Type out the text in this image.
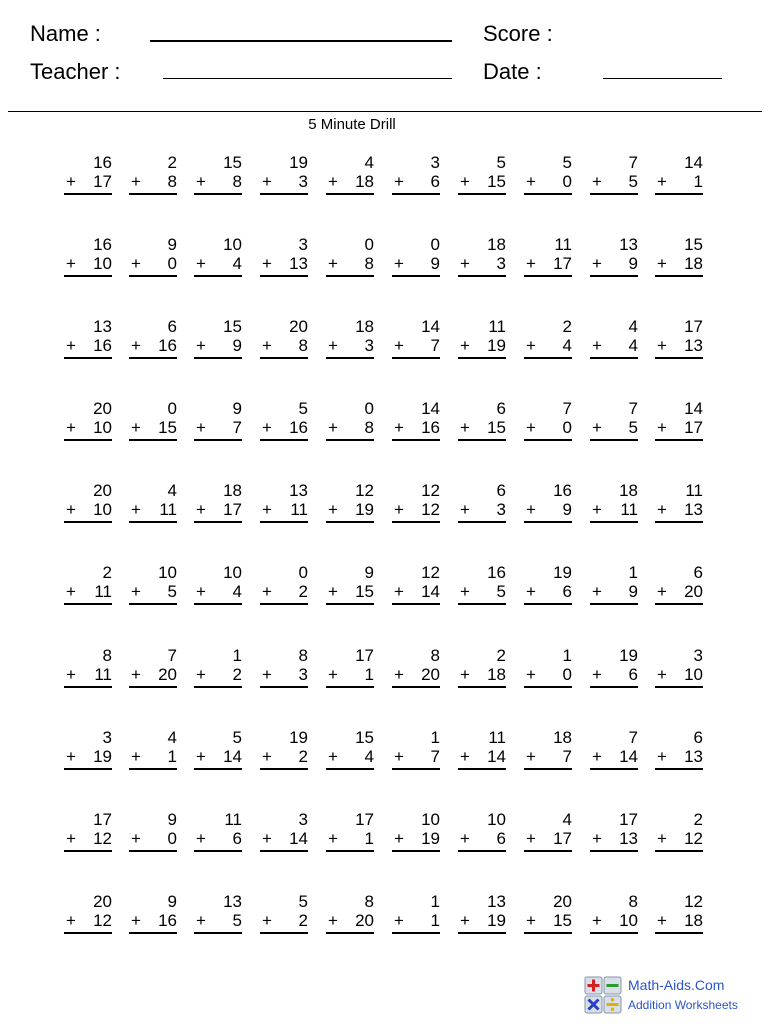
Name :
Teacher :
Score :
Date :
5 Minute Drill
16
+ 17
2
+ 8
15
+ 8
19
+ 3
4
+ 18
3
+ 6
5
+ 15
5
+ 0
7
+ 5
14
+ 1
16
+ 10
9
+ 0
10
+ 4
3
+ 13
0
+ 8
0
+ 9
18
+ 3
11
+ 17
13
+ 9
15
+ 18
13
+ 16
6
+ 16
15
+ 9
20
+ 8
18
+ 3
14
+ 7
11
+ 19
2
+ 4
4
+ 4
17
+ 13
20
+ 10
0
+ 15
9
+ 7
5
+ 16
0
+ 8
14
+ 16
6
+ 15
7
+ 0
7
+ 5
14
+ 17
20
+ 10
4
+ 11
18
+ 17
13
+ 11
12
+ 19
12
+ 12
6
+ 3
16
+ 9
18
+ 11
11
+ 13
2
+ 11
10
+ 5
10
+ 4
0
+ 2
9
+ 15
12
+ 14
16
+ 5
19
+ 6
1
+ 9
6
+ 20
8
+ 11
7
+ 20
1
+ 2
8
+ 3
17
+ 1
8
+ 20
2
+ 18
1
+ 0
19
+ 6
3
+ 10
3
+ 19
4
+ 1
5
+ 14
19
+ 2
15
+ 4
1
+ 7
11
+ 14
18
+ 7
7
+ 14
6
+ 13
17
+ 12
9
+ 0
11
+ 6
3
+ 14
17
+ 1
10
+ 19
10
+ 6
4
+ 17
17
+ 13
2
+ 12
20
+ 12
9
+ 16
13
+ 5
5
+ 2
8
+ 20
1
+ 1
13
+ 19
20
+ 15
8
+ 10
12
+ 18
Math-Aids.Com
Addition Worksheets
